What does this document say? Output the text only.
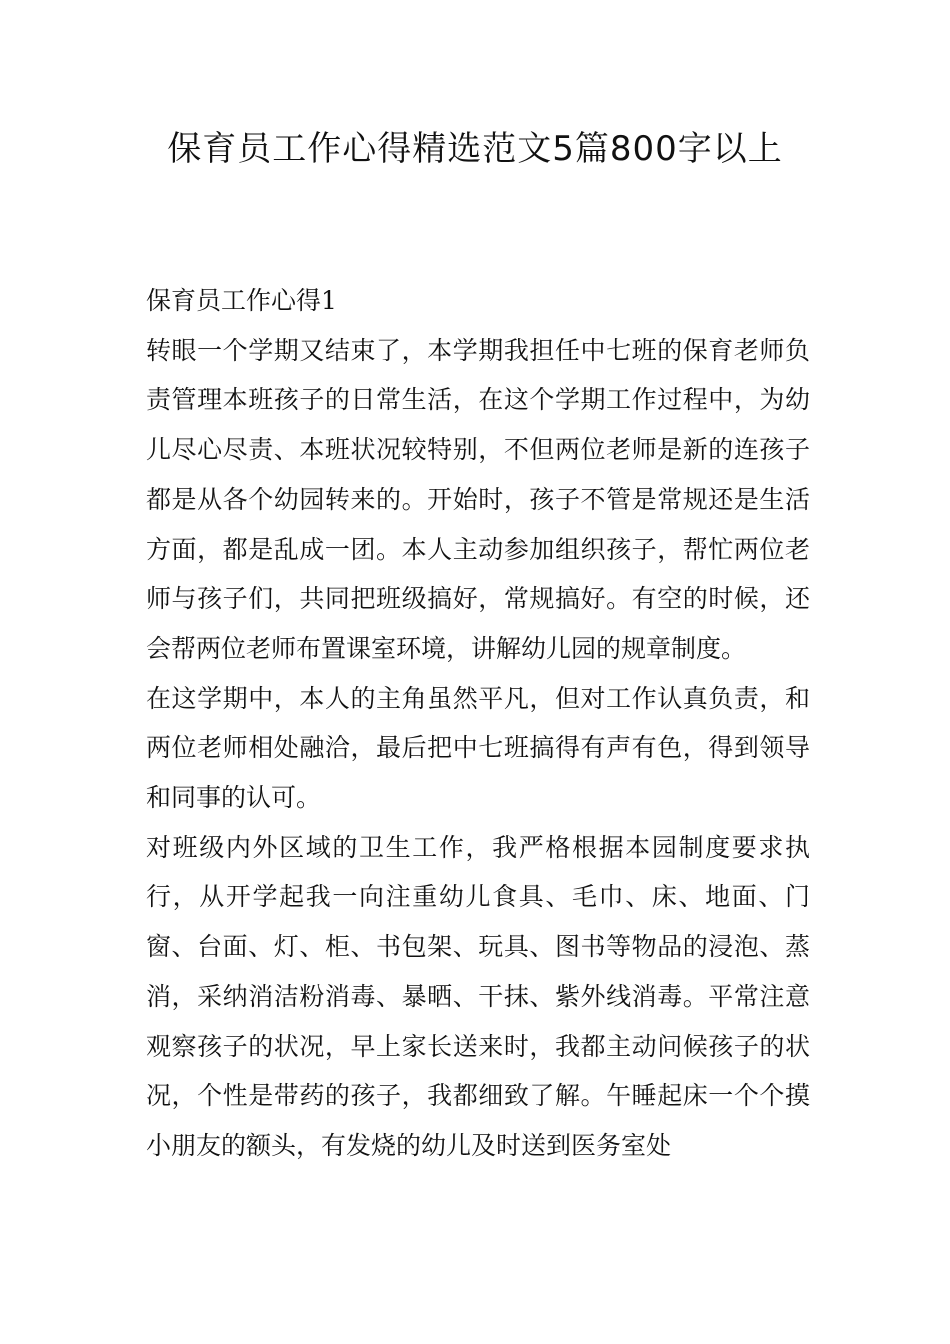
保育员工作心得精选范文5篇800字以上
保育员工作心得1

转眼一个学期又结束了，本学期我担任中七班的保育老师负责管理本班孩子的日常生活，在这个学期工作过程中，为幼儿尽心尽责、本班状况较特别，不但两位老师是新的连孩子都是从各个幼园转来的。开始时，孩子不管是常规还是生活方面，都是乱成一团。本人主动参加组织孩子，帮忙两位老师与孩子们，共同把班级搞好，常规搞好。有空的时候，还会帮两位老师布置课室环境，讲解幼儿园的规章制度。

在这学期中，本人的主角虽然平凡，但对工作认真负责，和两位老师相处融洽，最后把中七班搞得有声有色，得到领导和同事的认可。

对班级内外区域的卫生工作，我严格根据本园制度要求执行，从开学起我一向注重幼儿食具、毛巾、床、地面、门窗、台面、灯、柜、书包架、玩具、图书等物品的浸泡、蒸消，采纳消洁粉消毒、暴晒、干抹、紫外线消毒。平常注意观察孩子的状况，早上家长送来时，我都主动问候孩子的状况，个性是带药的孩子，我都细致了解。午睡起床一个个摸小朋友的额头，有发烧的幼儿及时送到医务室处
